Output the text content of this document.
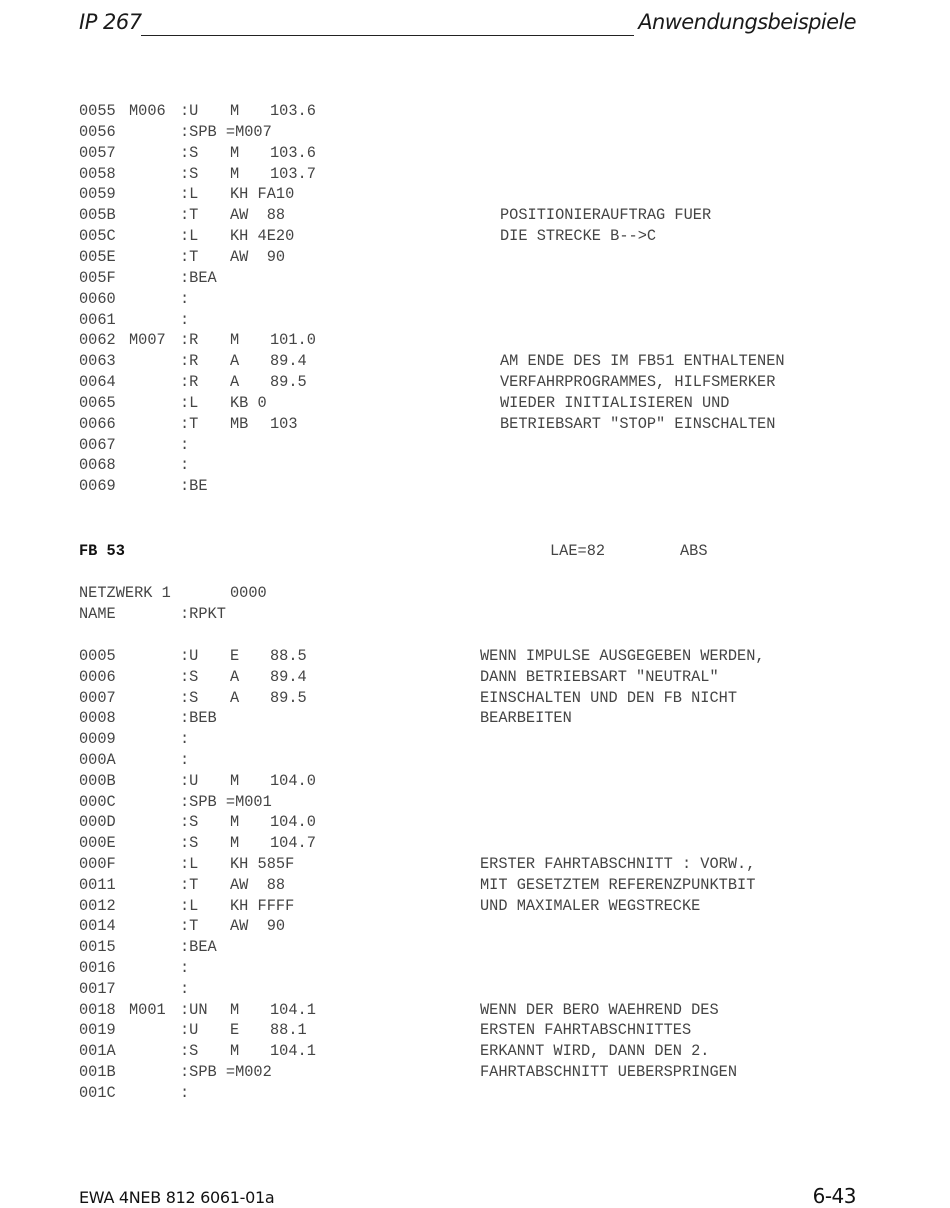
IP 267	Anwendungsbeispiele
0055 M006 :U M 103.6
0056	:SPB =M007
0057	:S M 103.6
0058	:S M 103.7
0059	:L KH FA10
005B	:T AW  88	POSITIONIERAUFTRAG FUER
005C	:L KH 4E20	DIE STRECKE B-->C
005E	:T AW  90
005F	:BEA
0060	:
0061	:
0062 M007 :R M 101.0
0063	:R A 89.4	AM ENDE DES IM FB51 ENTHALTENEN
0064	:R A 89.5	VERFAHRPROGRAMMES, HILFSMERKER
0065	:L KB 0	WIEDER INITIALISIEREN UND
0066	:T MB 103	BETRIEBSART "STOP" EINSCHALTEN
0067	:
0068	:
0069	:BE
FB 53	LAE=82	ABS
NETZWERK 1	0000
NAME	:RPKT
0005	:U E 88.5	WENN IMPULSE AUSGEGEBEN WERDEN,
0006	:S A 89.4	DANN BETRIEBSART "NEUTRAL"
0007	:S A 89.5	EINSCHALTEN UND DEN FB NICHT
0008	:BEB	BEARBEITEN
0009	:
000A	:
000B	:U M 104.0
000C	:SPB =M001
000D	:S M 104.0
000E	:S M 104.7
000F	:L KH 585F	ERSTER FAHRTABSCHNITT : VORW.,
0011	:T AW  88	MIT GESETZTEM REFERENZPUNKTBIT
0012	:L KH FFFF	UND MAXIMALER WEGSTRECKE
0014	:T AW  90
0015	:BEA
0016	:
0017	:
0018 M001 :UN M 104.1	WENN DER BERO WAEHREND DES
0019	:U E 88.1	ERSTEN FAHRTABSCHNITTES
001A	:S M 104.1	ERKANNT WIRD, DANN DEN 2.
001B	:SPB =M002	FAHRTABSCHNITT UEBERSPRINGEN
001C	:
EWA 4NEB 812 6061-01a	6-43
